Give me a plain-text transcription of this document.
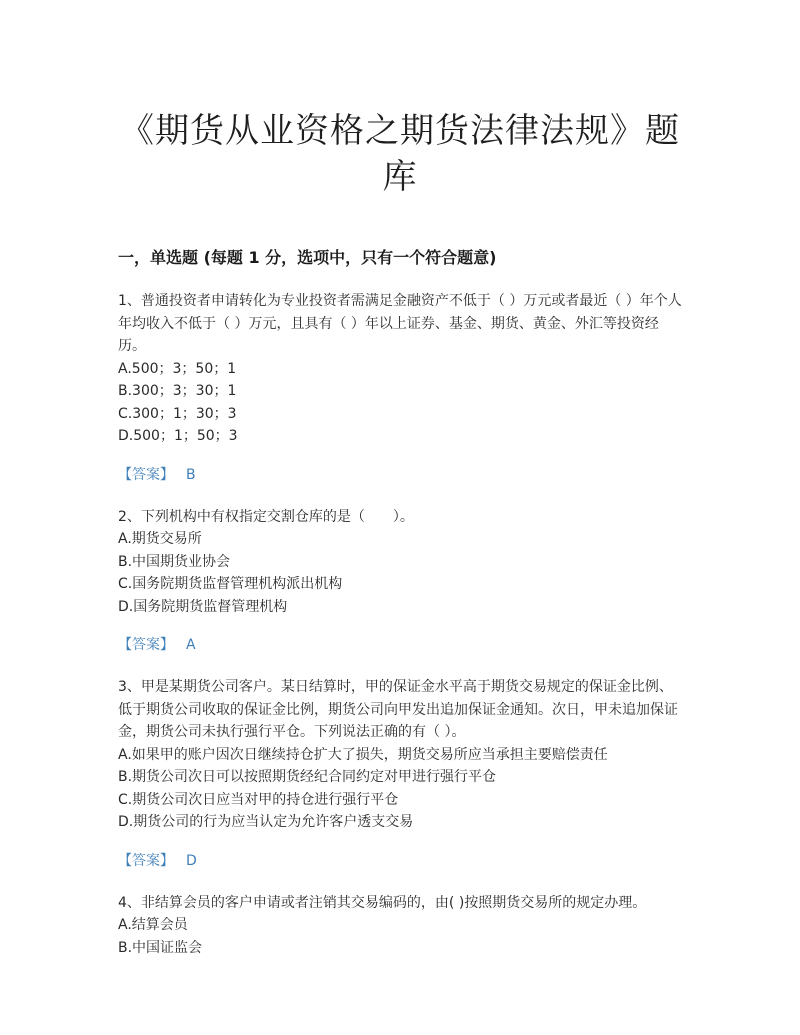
《期货从业资格之期货法律法规》题
库
一，单选题 (每题 1 分，选项中，只有一个符合题意)

1、普通投资者申请转化为专业投资者需满足金融资产不低于（ ）万元或者最近（ ）年个人年均收入不低于（ ）万元，且具有（ ）年以上证券、基金、期货、黄金、外汇等投资经历。

A.500；3；50；1

B.300；3；30；1

C.300；1；30；3

D.500；1；50；3

【答案】 B

2、下列机构中有权指定交割仓库的是（　　）。

A.期货交易所

B.中国期货业协会

C.国务院期货监督管理机构派出机构

D.国务院期货监督管理机构

【答案】 A

3、甲是某期货公司客户。某日结算时，甲的保证金水平高于期货交易规定的保证金比例、低于期货公司收取的保证金比例，期货公司向甲发出追加保证金通知。次日，甲未追加保证金，期货公司未执行强行平仓。下列说法正确的有（ ）。

A.如果甲的账户因次日继续持仓扩大了损失，期货交易所应当承担主要赔偿责任

B.期货公司次日可以按照期货经纪合同约定对甲进行强行平仓

C.期货公司次日应当对甲的持仓进行强行平仓

D.期货公司的行为应当认定为允许客户透支交易

【答案】 D

4、非结算会员的客户申请或者注销其交易编码的，由( )按照期货交易所的规定办理。

A.结算会员

B.中国证监会
